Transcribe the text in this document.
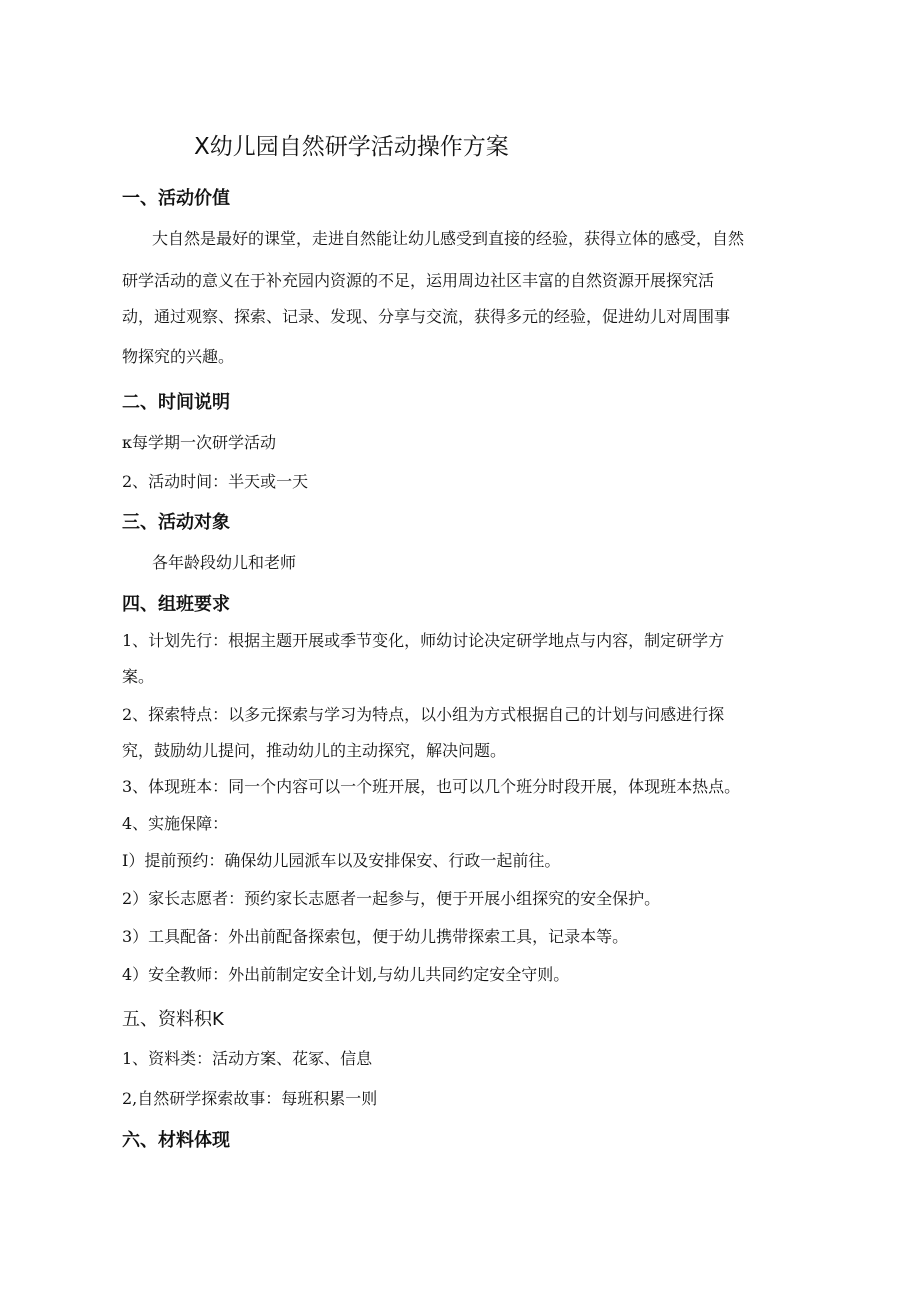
X幼儿园自然研学活动操作方案
一、活动价值

大自然是最好的课堂，走进自然能让幼儿感受到直接的经验，获得立体的感受，自然

研学活动的意义在于补充园内资源的不足，运用周边社区丰富的自然资源开展探究活

动，通过观察、探索、记录、发现、分享与交流，获得多元的经验，促进幼儿对周围事

物探究的兴趣。

二、时间说明

κ每学期一次研学活动

2、活动时间：半天或一天

三、活动对象

各年龄段幼儿和老师

四、组班要求

1、计划先行：根据主题开展或季节变化，师幼讨论决定研学地点与内容，制定研学方

案。

2、探索特点：以多元探索与学习为特点，以小组为方式根据自己的计划与问感进行探

究，鼓励幼儿提问，推动幼儿的主动探究，解决问题。

3、体现班本：同一个内容可以一个班开展，也可以几个班分时段开展，体现班本热点。

4、实施保障：

I）提前预约：确保幼儿园派车以及安排保安、行政一起前往。

2）家长志愿者：预约家长志愿者一起参与，便于开展小组探究的安全保护。

3）工具配备：外出前配备探索包，便于幼儿携带探索工具，记录本等。

4）安全教师：外出前制定安全计划,与幼儿共同约定安全守则。

五、资料积K

1、资料类：活动方案、花冢、信息

2,自然研学探索故事：每班积累一则

六、材料体现
